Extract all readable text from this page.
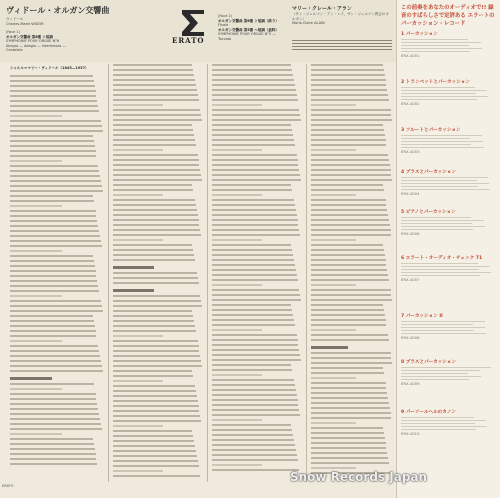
ヴィドール・オルガン交響曲
ヴィドール
Charles-Marie WIDOR
(Face 1)
オルガン交響曲 第6番 ト短調
SYMPHONIE POUR ORGUE N°6
Allegro — Adagio — Intermezzo — Cantabile
ERATO
(Face 2)
オルガン交響曲 第6番 ト短調（終り）
Finale
オルガン交響曲 第5番 ヘ短調（抜粋）
SYMPHONIE POUR ORGUE N°5 — Toccata
マリー・クレール・アラン
（サン・ジェルマン・アン・レイ、サン・ジェルマン教会のオルガン）
Marie-Claire ALAIN
シャルル＝マリー・ヴィドール（1845—1937）
ERATO
この前奏をあなたのオーディオで!! 録音のすばらしさで定評ある エラートのパーカッション・レコード
1 パーカッション
ERX-4001
2 トランペットとパーカッション
ERX-4002
3 フルートとパーカッション
ERX-4003
4 ブラスとパーカッション
ERX-4004
5 ピアノとパーカッション
ERX-4006
6 エラート・オーディオ・チェック 71
ERX-4007
7 パーカッション II
ERX-4008
8 ブラスとパーカッション
ERX-4009
9 パーソールヘルのカノン
ERX-4010
Snow Records Japan
